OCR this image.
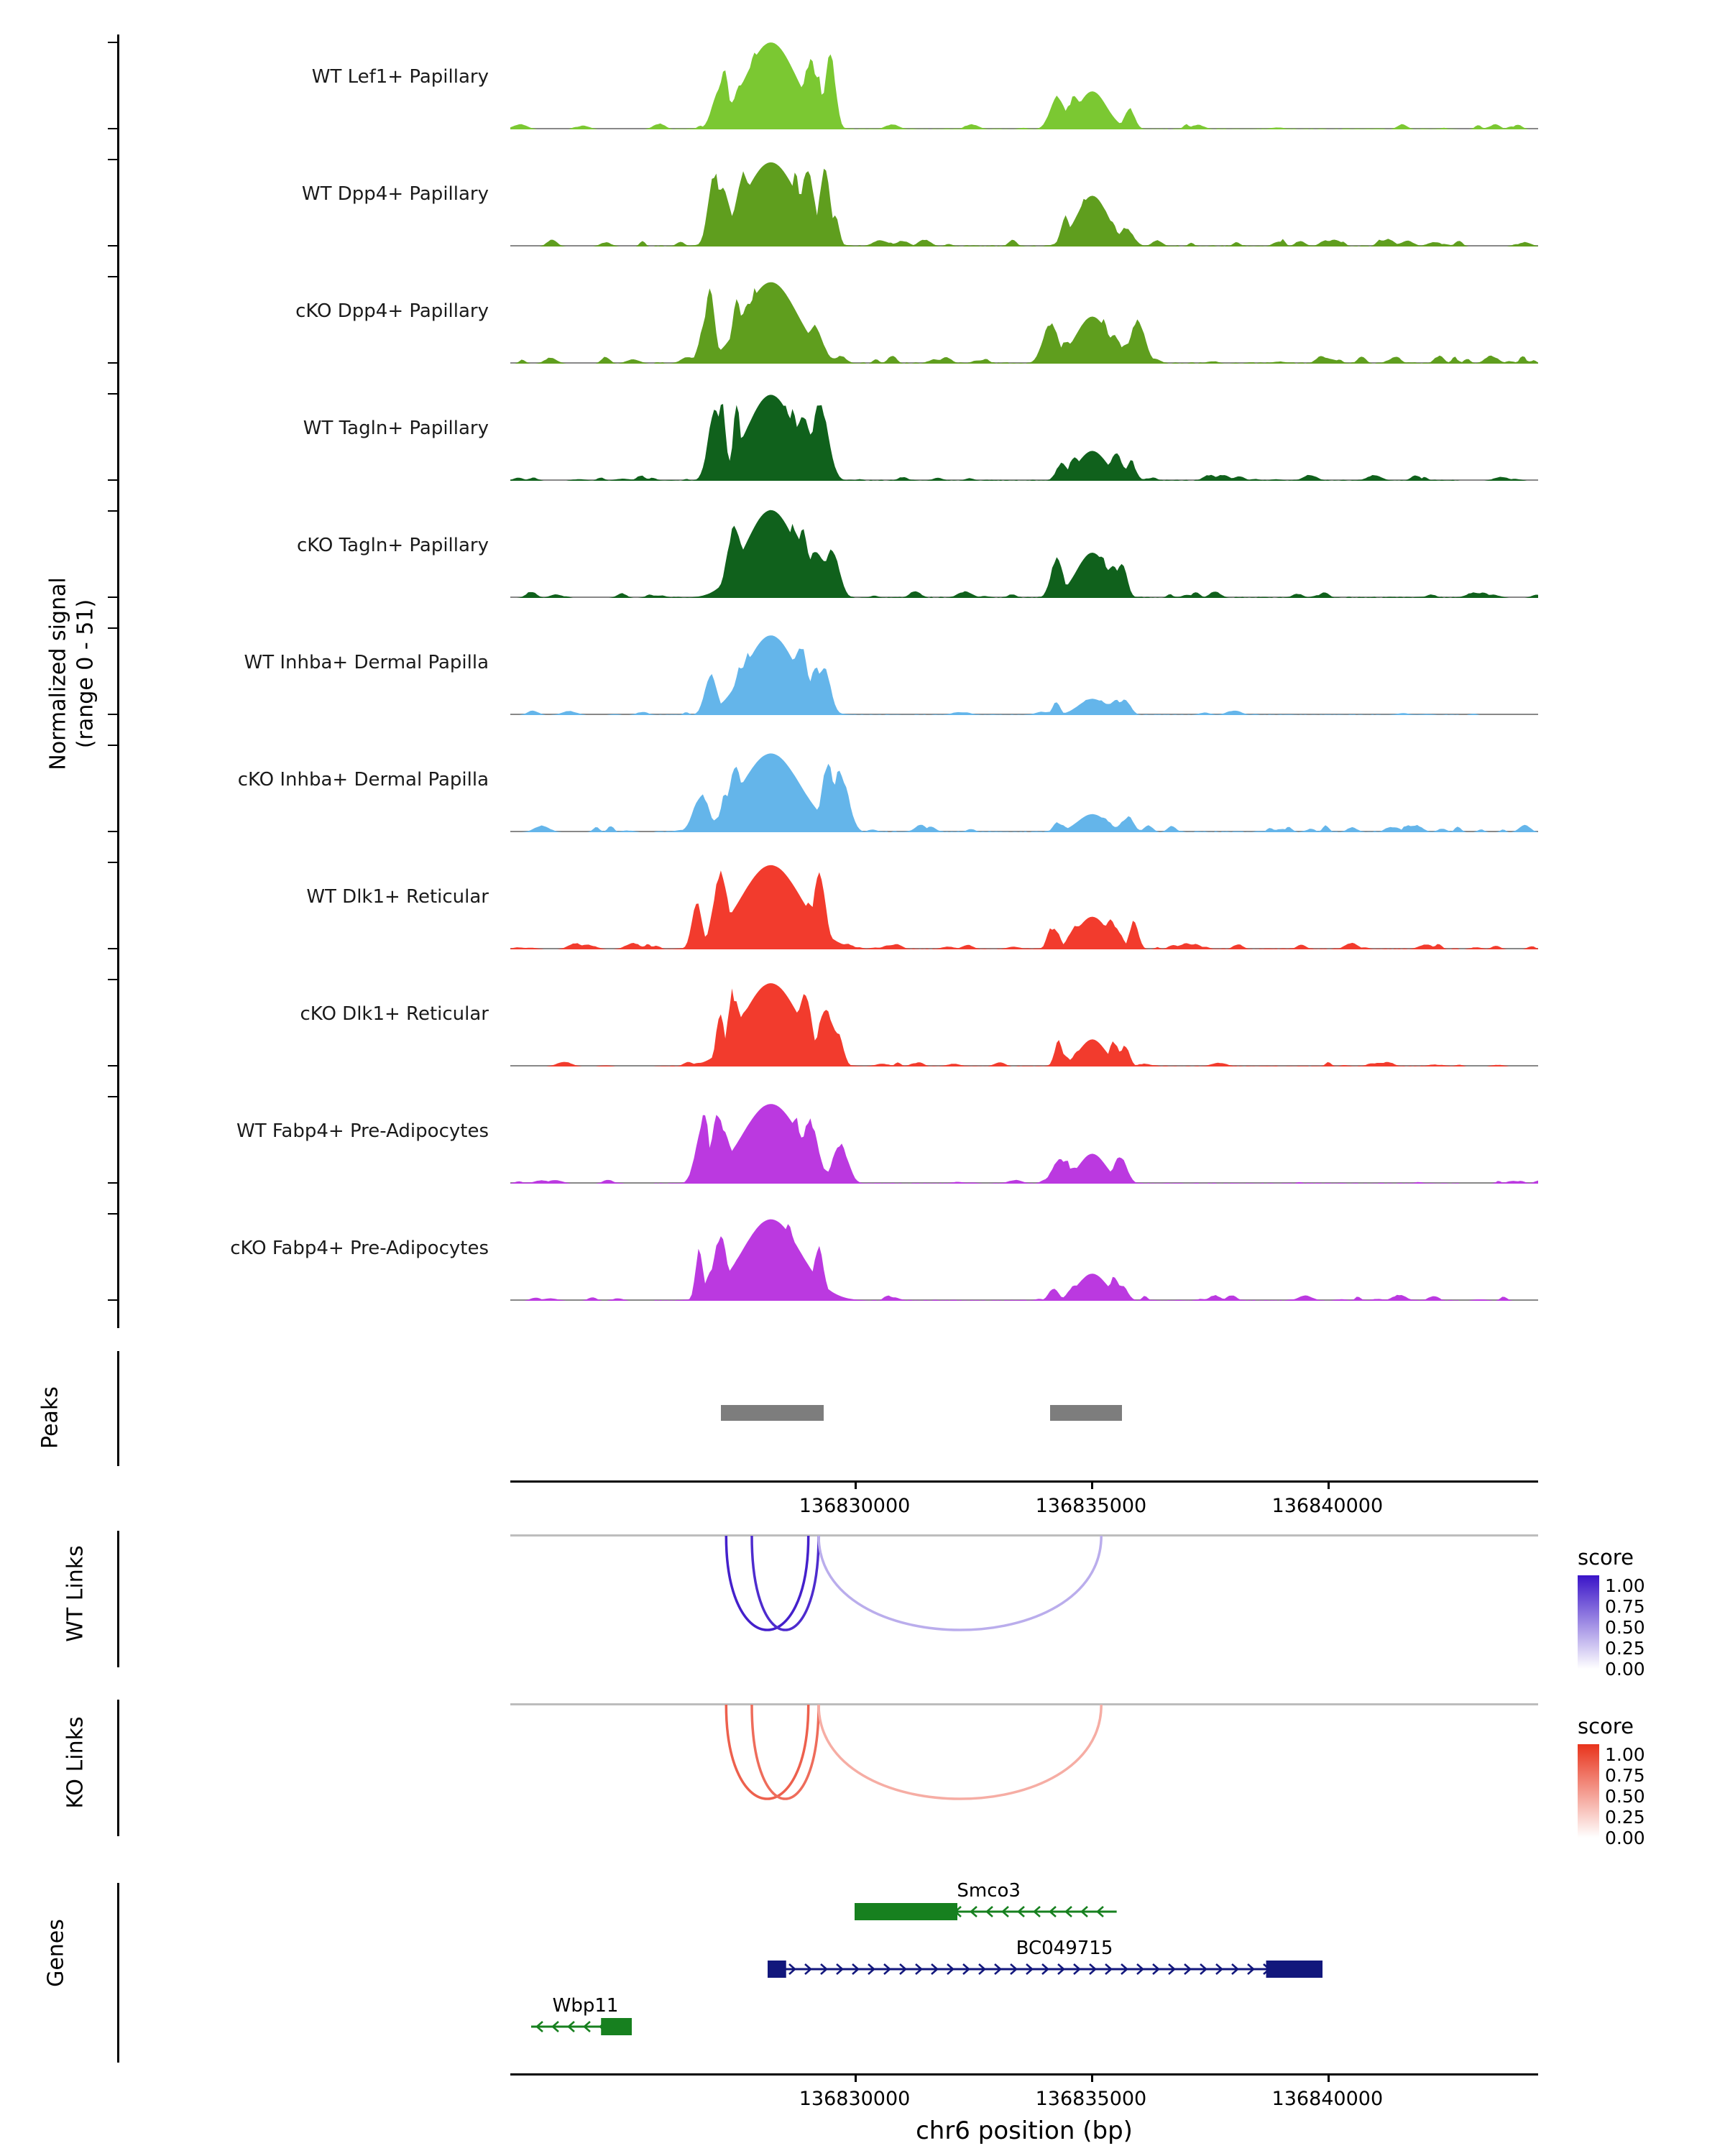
Normalized signal (range 0 - 51)
WT Lef1+ Papillary
WT Dpp4+ Papillary
cKO Dpp4+ Papillary
WT Tagln+ Papillary
cKO Tagln+ Papillary
WT Inhba+ Dermal Papilla
cKO Inhba+ Dermal Papilla
WT Dlk1+ Reticular
cKO Dlk1+ Reticular
WT Fabp4+ Pre-Adipocytes
cKO Fabp4+ Pre-Adipocytes
Peaks
136830000	136835000	136840000
WT Links
KO Links
score
1.00
0.75
0.50
0.25
0.00
score
1.00
0.75
0.50
0.25
0.00
Genes
Smco3
BC049715
Wbp11
136830000	136835000	136840000
chr6 position (bp)
